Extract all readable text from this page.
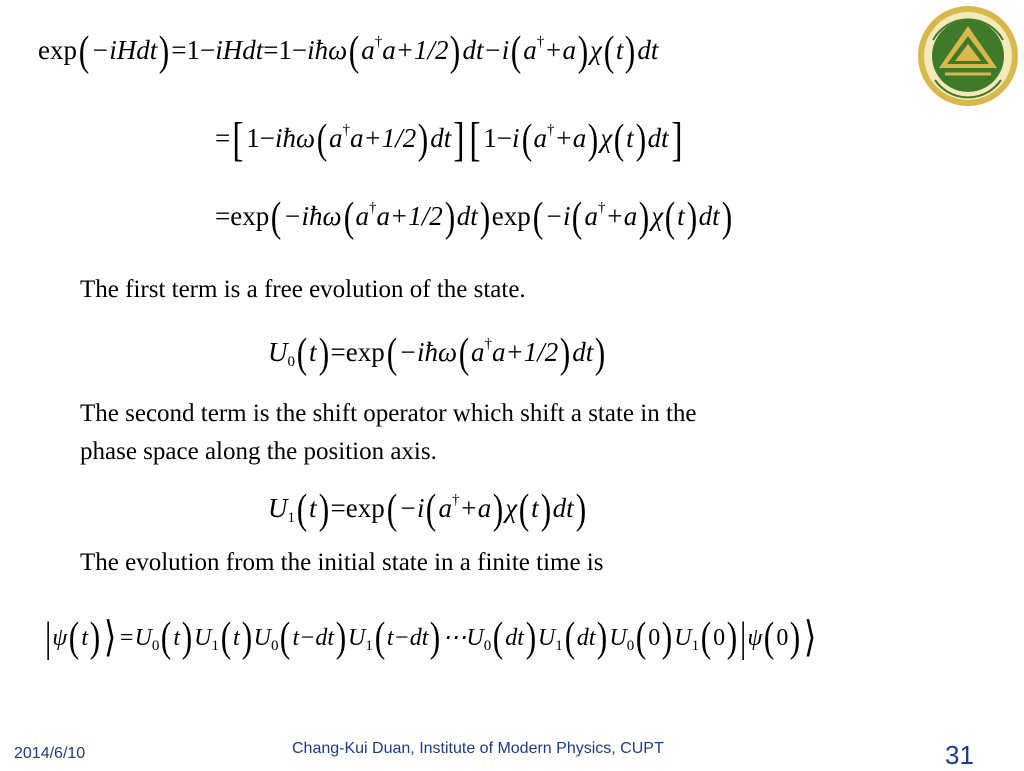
exp(−iHdt)=1−iHdt=1−iħω(a†a+1/2)dt−i(a†+a)χ(t)dt
=[1−iħω(a†a+1/2)dt][1−i(a†+a)χ(t)dt]
=exp(−iħω(a†a+1/2)dt)exp(−i(a†+a)χ(t)dt)
The first term is a free evolution of the state.
$U_0(t)=\exp(-iħ\omega(a^\dagger a+1/2)dt)$
The second term is the shift operator which shift a state in the
phase space along the position axis.
$U_1(t)=\exp(-i(a^\dagger+a)\chi(t)dt)$
The evolution from the initial state in a finite time is
$|\psi(t)⟩=U_0(t)U_1(t)U_0(t-dt)U_1(t-dt)\cdots U_0(dt)U_1(dt)U_0(0)U_1(0)|\psi(0)⟩$
2014/6/10	Chang-Kui Duan, Institute of Modern Physics, CUPT	31
